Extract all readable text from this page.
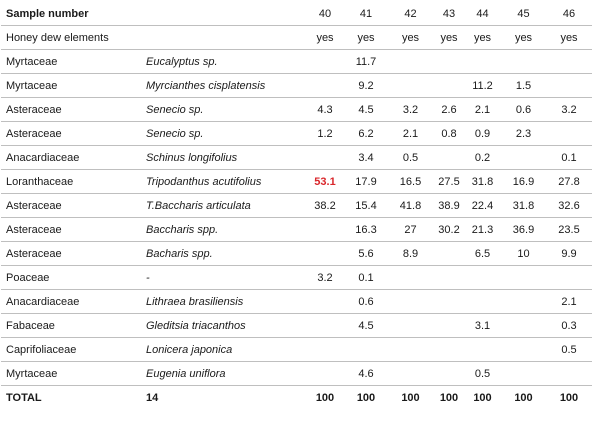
Sample number		40	41	42	43	44	45	46
Honey dew elements		yes	yes	yes	yes	yes	yes	yes
Myrtaceae	Eucalyptus sp.		11.7					
Myrtaceae	Myrcianthes cisplatensis		9.2			11.2	1.5	
Asteraceae	Senecio sp.	4.3	4.5	3.2	2.6	2.1	0.6	3.2
Asteraceae	Senecio sp.	1.2	6.2	2.1	0.8	0.9	2.3	
Anacardiaceae	Schinus longifolius		3.4	0.5		0.2		0.1
Loranthaceae	Tripodanthus acutifolius	53.1	17.9	16.5	27.5	31.8	16.9	27.8
Asteraceae	T.Baccharis articulata	38.2	15.4	41.8	38.9	22.4	31.8	32.6
Asteraceae	Baccharis spp.		16.3	27	30.2	21.3	36.9	23.5
Asteraceae	Bacharis spp.		5.6	8.9		6.5	10	9.9
Poaceae	-	3.2	0.1					
Anacardiaceae	Lithraea brasiliensis		0.6					2.1
Fabaceae	Gleditsia triacanthos		4.5			3.1		0.3
Caprifoliaceae	Lonicera japonica							0.5
Myrtaceae	Eugenia uniflora		4.6			0.5		
TOTAL	14	100	100	100	100	100	100	100
